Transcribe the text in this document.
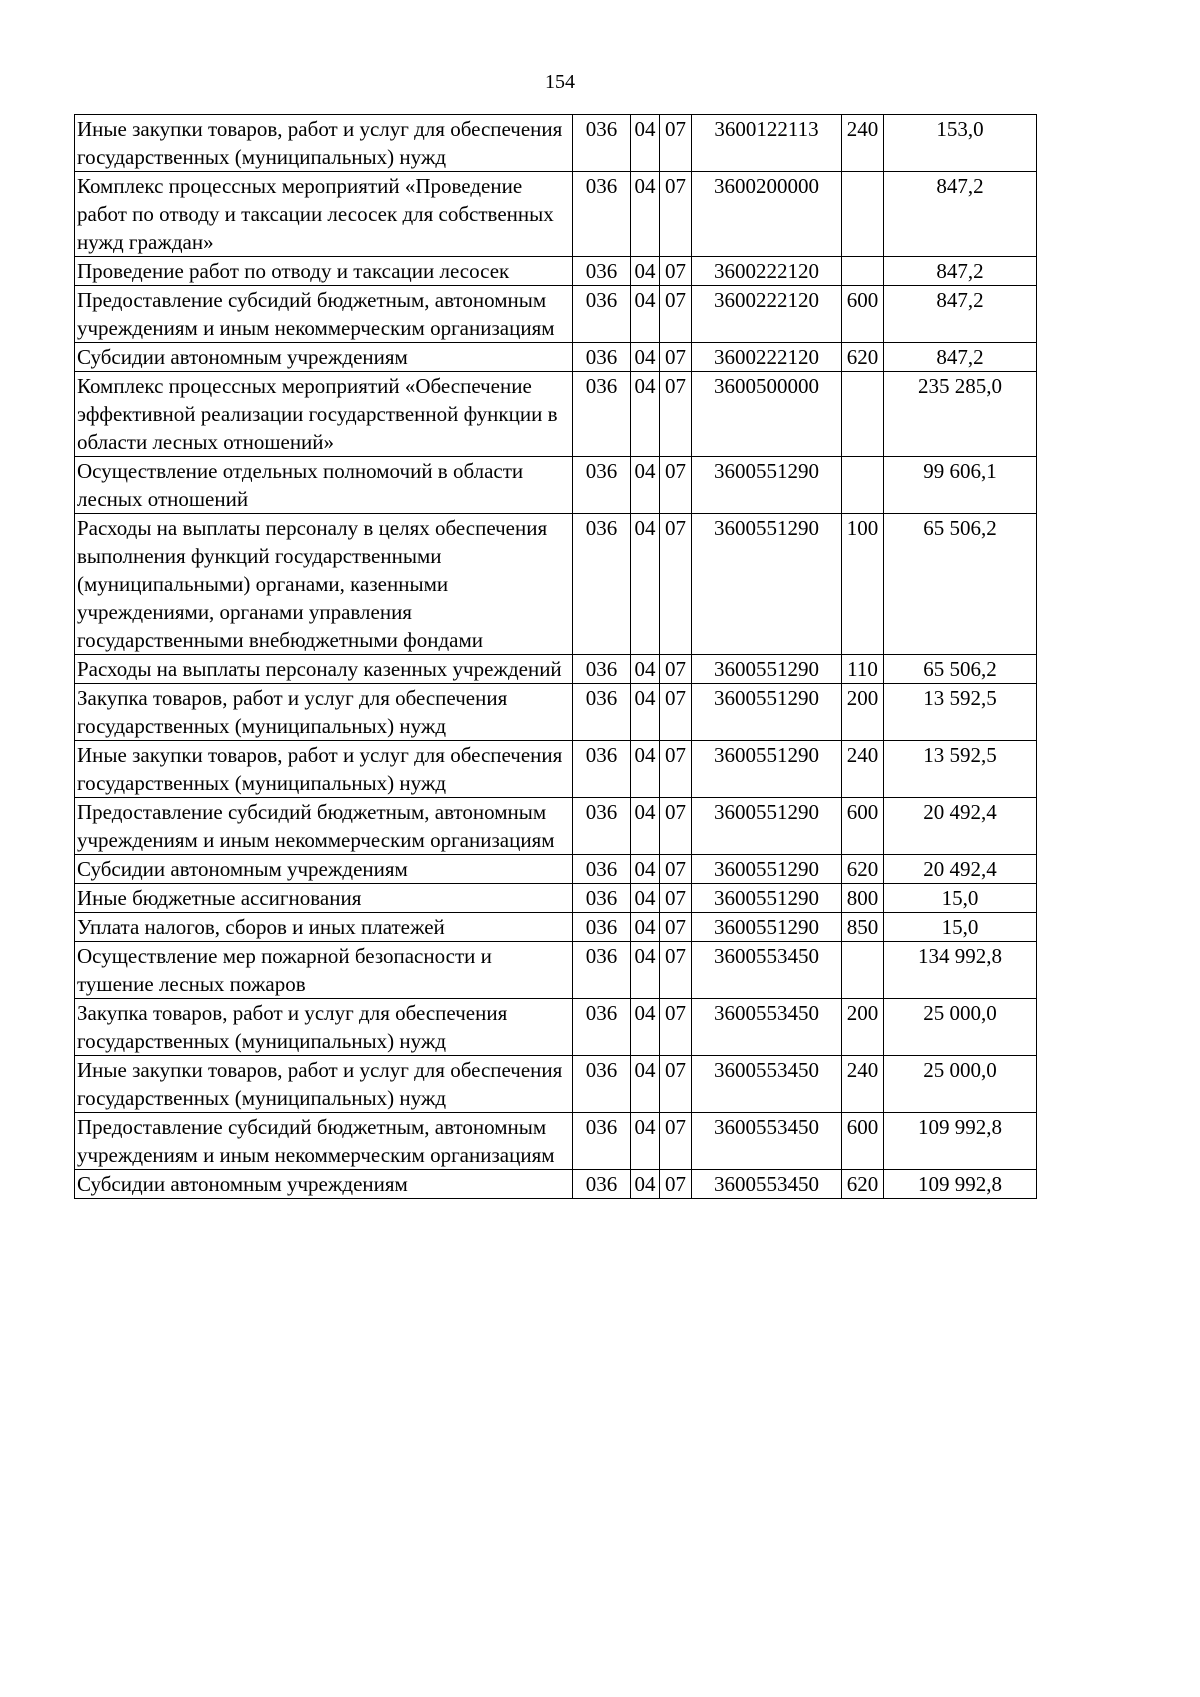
154
Иные закупки товаров, работ и услуг для обеспечения государственных (муниципальных) нужд	036	04	07	3600122113	240	153,0
Комплекс процессных мероприятий «Проведение работ по отводу и таксации лесосек для собственных нужд граждан»	036	04	07	3600200000		847,2
Проведение работ по отводу и таксации лесосек	036	04	07	3600222120		847,2
Предоставление субсидий бюджетным, автономным учреждениям и иным некоммерческим организациям	036	04	07	3600222120	600	847,2
Субсидии автономным учреждениям	036	04	07	3600222120	620	847,2
Комплекс процессных мероприятий «Обеспечение эффективной реализации государственной функции в области лесных отношений»	036	04	07	3600500000		235 285,0
Осуществление отдельных полномочий в области лесных отношений	036	04	07	3600551290		99 606,1
Расходы на выплаты персоналу в целях обеспечения выполнения функций государственными (муниципальными) органами, казенными учреждениями, органами управления государственными внебюджетными фондами	036	04	07	3600551290	100	65 506,2
Расходы на выплаты персоналу казенных учреждений	036	04	07	3600551290	110	65 506,2
Закупка товаров, работ и услуг для обеспечения государственных (муниципальных) нужд	036	04	07	3600551290	200	13 592,5
Иные закупки товаров, работ и услуг для обеспечения государственных (муниципальных) нужд	036	04	07	3600551290	240	13 592,5
Предоставление субсидий бюджетным, автономным учреждениям и иным некоммерческим организациям	036	04	07	3600551290	600	20 492,4
Субсидии автономным учреждениям	036	04	07	3600551290	620	20 492,4
Иные бюджетные ассигнования	036	04	07	3600551290	800	15,0
Уплата налогов, сборов и иных платежей	036	04	07	3600551290	850	15,0
Осуществление мер пожарной безопасности и тушение лесных пожаров	036	04	07	3600553450		134 992,8
Закупка товаров, работ и услуг для обеспечения государственных (муниципальных) нужд	036	04	07	3600553450	200	25 000,0
Иные закупки товаров, работ и услуг для обеспечения государственных (муниципальных) нужд	036	04	07	3600553450	240	25 000,0
Предоставление субсидий бюджетным, автономным учреждениям и иным некоммерческим организациям	036	04	07	3600553450	600	109 992,8
Субсидии автономным учреждениям	036	04	07	3600553450	620	109 992,8
